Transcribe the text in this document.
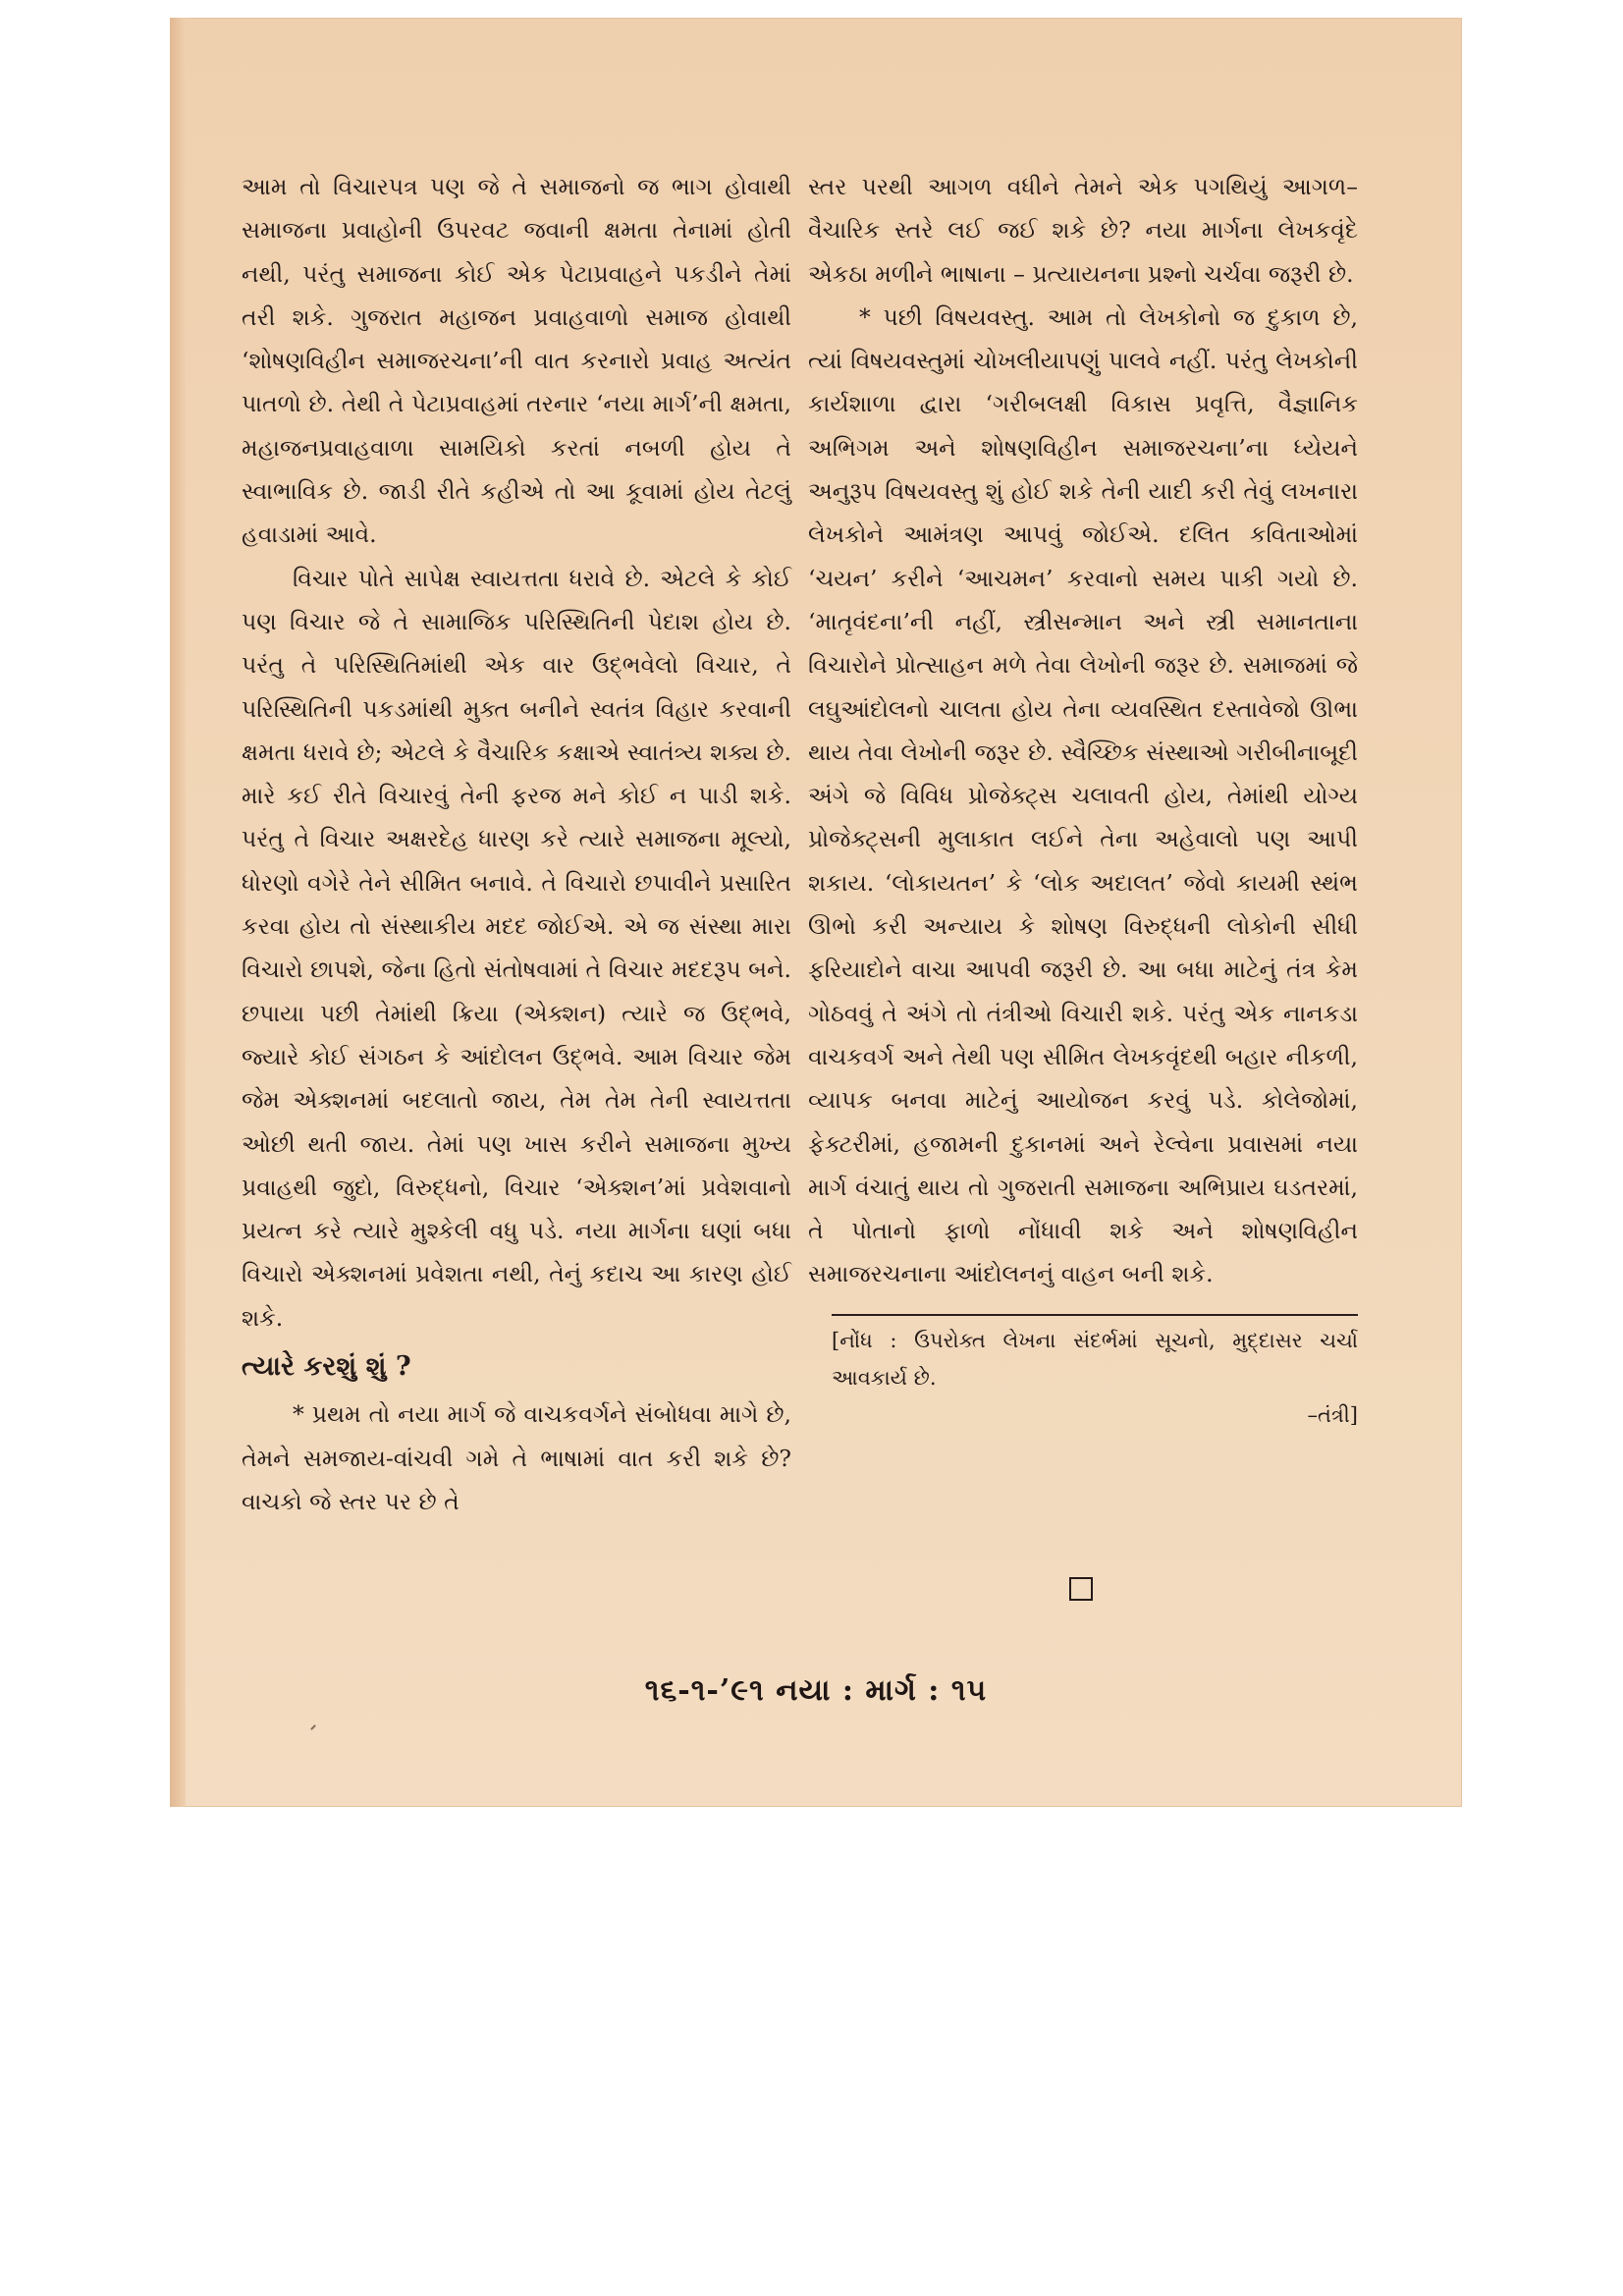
આમ તો વિચારપત્ર પણ જે તે સમાજનો જ ભાગ હોવાથી સમાજના પ્રવાહોની ઉપરવટ જવાની ક્ષમતા તેનામાં હોતી નથી, પરંતુ સમાજના કોઈ એક પેટાપ્રવાહને પકડીને તેમાં તરી શકે. ગુજરાત મહાજન પ્રવાહવાળો સમાજ હોવાથી ‘શોષણવિહીન સમાજરચના’ની વાત કરનારો પ્રવાહ અત્યંત પાતળો છે. તેથી તે પેટાપ્રવાહમાં તરનાર ‘નયા માર્ગ’ની ક્ષમતા, મહાજનપ્રવાહવાળા સામયિકો કરતાં નબળી હોય તે સ્વાભાવિક છે. જાડી રીતે કહીએ તો આ કૂવામાં હોય તેટલું હવાડામાં આવે.

વિચાર પોતે સાપેક્ષ સ્વાયત્તતા ધરાવે છે. એટલે કે કોઈ પણ વિચાર જે તે સામાજિક પરિસ્થિતિની પેદાશ હોય છે. પરંતુ તે પરિસ્થિતિમાંથી એક વાર ઉદ્‌ભવેલો વિચાર, તે પરિસ્થિતિની પકડમાંથી મુક્ત બનીને સ્વતંત્ર વિહાર કરવાની ક્ષમતા ધરાવે છે; એટલે કે વૈચારિક કક્ષાએ સ્વાતંત્ર્ય શક્ય છે. મારે કઈ રીતે વિચારવું તેની ફરજ મને કોઈ ન પાડી શકે. પરંતુ તે વિચાર અક્ષરદેહ ધારણ કરે ત્યારે સમાજના મૂલ્યો, ધોરણો વગેરે તેને સીમિત બનાવે. તે વિચારો છપાવીને પ્રસારિત કરવા હોય તો સંસ્થાકીય મદદ જોઈએ. એ જ સંસ્થા મારા વિચારો છાપશે, જેના હિતો સંતોષવામાં તે વિચાર મદદરૂપ બને. છપાયા પછી તેમાંથી ક્રિયા (એક્શન) ત્યારે જ ઉદ્‌ભવે, જ્યારે કોઈ સંગઠન કે આંદોલન ઉદ્‌ભવે. આમ વિચાર જેમ જેમ એક્શનમાં બદલાતો જાય, તેમ તેમ તેની સ્વાયત્તતા ઓછી થતી જાય. તેમાં પણ ખાસ કરીને સમાજના મુખ્ય પ્રવાહથી જુદો, વિરુદ્ધનો, વિચાર ‘એક્શન’માં પ્રવેશવાનો પ્રયત્ન કરે ત્યારે મુશ્કેલી વધુ પડે. નયા માર્ગના ઘણાં બધા વિચારો એક્શનમાં પ્રવેશતા નથી, તેનું કદાચ આ કારણ હોઈ શકે.

ત્યારે કરશું શું ?

* પ્રથમ તો નયા માર્ગ જે વાચકવર્ગને સંબોધવા માગે છે, તેમને સમજાય-વાંચવી ગમે તે ભાષામાં વાત કરી શકે છે? વાચકો જે સ્તર પર છે તે

સ્તર પરથી આગળ વધીને તેમને એક પગથિયું આગળ–વૈચારિક સ્તરે લઈ જઈ શકે છે? નયા માર્ગના લેખકવૃંદે એકઠા મળીને ભાષાના – પ્રત્યાયનના પ્રશ્નો ચર્ચવા જરૂરી છે.

* પછી વિષયવસ્તુ. આમ તો લેખકોનો જ દુકાળ છે, ત્યાં વિષયવસ્તુમાં ચોખલીયાપણું પાલવે નહીં. પરંતુ લેખકોની કાર્યશાળા દ્વારા ‘ગરીબલક્ષી વિકાસ પ્રવૃત્તિ, વૈજ્ઞાનિક અભિગમ અને શોષણવિહીન સમાજરચના’ના ધ્યેયને અનુરૂપ વિષયવસ્તુ શું હોઈ શકે તેની યાદી કરી તેવું લખનારા લેખકોને આમંત્રણ આપવું જોઈએ. દલિત કવિતાઓમાં ‘ચયન’ કરીને ‘આચમન’ કરવાનો સમય પાકી ગયો છે. ‘માતૃવંદના’ની નહીં, સ્ત્રીસન્માન અને સ્ત્રી સમાનતાના વિચારોને પ્રોત્સાહન મળે તેવા લેખોની જરૂર છે. સમાજમાં જે લઘુઆંદોલનો ચાલતા હોય તેના વ્યવસ્થિત દસ્તાવેજો ઊભા થાય તેવા લેખોની જરૂર છે. સ્વૈચ્છિક સંસ્થાઓ ગરીબીનાબૂદી અંગે જે વિવિધ પ્રોજેક્ટ્સ ચલાવતી હોય, તેમાંથી યોગ્ય પ્રોજેક્ટ્સની મુલાકાત લઈને તેના અહેવાલો પણ આપી શકાય. ‘લોકાયતન’ કે ‘લોક અદાલત’ જેવો કાયમી સ્થંભ ઊભો કરી અન્યાય કે શોષણ વિરુદ્ધની લોકોની સીધી ફરિયાદોને વાચા આપવી જરૂરી છે. આ બધા માટેનું તંત્ર કેમ ગોઠવવું તે અંગે તો તંત્રીઓ વિચારી શકે. પરંતુ એક નાનકડા વાચકવર્ગ અને તેથી પણ સીમિત લેખકવૃંદથી બહાર નીકળી, વ્યાપક બનવા માટેનું આયોજન કરવું પડે. કોલેજોમાં, ફેક્ટરીમાં, હજામની દુકાનમાં અને રેલ્વેના પ્રવાસમાં નયા માર્ગ વંચાતું થાય તો ગુજરાતી સમાજના અભિપ્રાય ઘડતરમાં, તે પોતાનો ફાળો નોંધાવી શકે અને શોષણવિહીન સમાજરચનાના આંદોલનનું વાહન બની શકે.

[નોંધ : ઉપરોક્ત લેખના સંદર્ભમાં સૂચનો, મુદ્દાસર ચર્ચા આવકાર્ય છે.
–તંત્રી]
૧૬-૧-’૯૧ નયા : માર્ગ : ૧૫
